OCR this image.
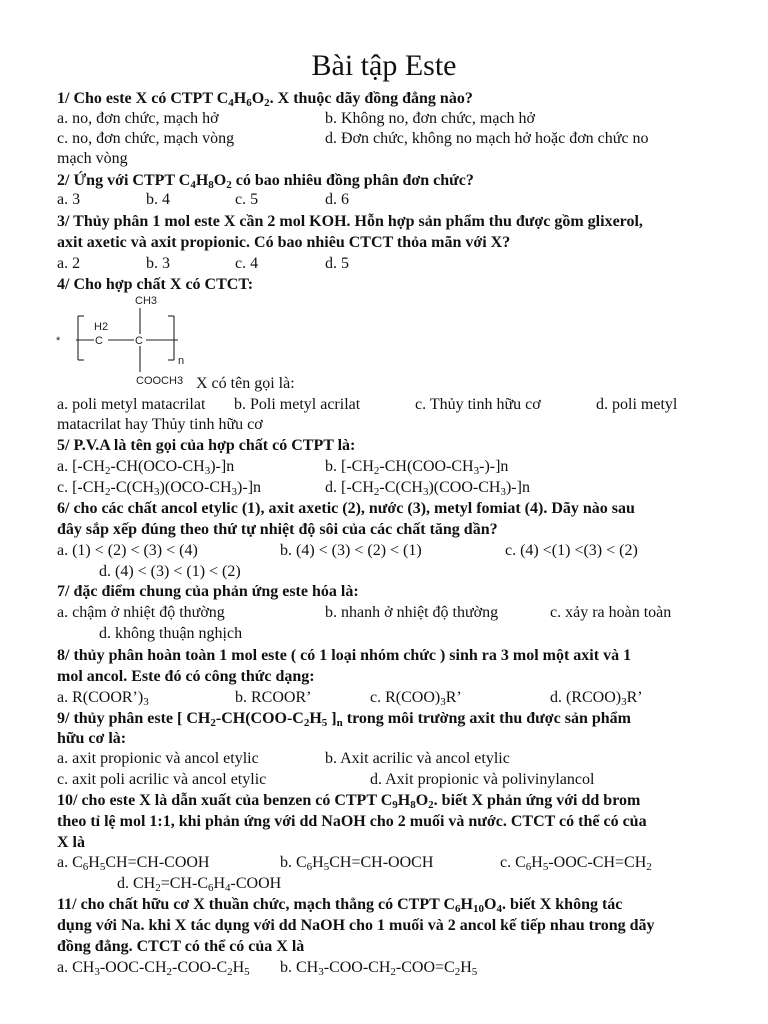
Bài tập Este
1/ Cho este X có CTPT $C_4H_6O_2$. X thuộc dãy đồng đẳng nào?
a. no, đơn chức, mạch hở	b. Không no, đơn chức, mạch hở
c. no, đơn chức, mạch vòng	d. Đơn chức, không no mạch hở hoặc đơn chức no
mạch vòng
2/ Ứng với CTPT $C_4H_8O_2$ có bao nhiêu đồng phân đơn chức?
a. 3	b. 4	c. 5	d. 6
3/ Thủy phân 1 mol este X cần 2 mol KOH. Hỗn hợp sản phẩm thu được gồm glixerol,
axit axetic và axit propionic. Có bao nhiêu CTCT thỏa mãn với X?
a. 2	b. 3	c. 4	d. 5
4/ Cho hợp chất X có CTCT:
*
H2
C	C
CH3
n
COOCH3 X có tên gọi là:
a. poli metyl matacrilat b. Poli metyl acrilat	c. Thủy tinh hữu cơ	d. poli metyl
matacrilat hay Thủy tinh hữu cơ
5/ P.V.A là tên gọi của hợp chất có CTPT là:
a. $[-CH_2-CH(OCO-CH_3)-]n$	b. $[-CH_2-CH(COO-CH_3-)-]n$
c. $[-CH_2-C(CH_3)(OCO-CH_3)-]n$	d. $[-CH_2-C(CH_3)(COO-CH_3)-]n$
6/ cho các chất ancol etylic (1), axit axetic (2), nước (3), metyl fomiat (4). Dãy nào sau
đây sắp xếp đúng theo thứ tự nhiệt độ sôi của các chất tăng dần?
a. (1) < (2) < (3) < (4)	b. (4) < (3) < (2) < (1)	c. (4) <(1) <(3) < (2)
d. (4) < (3) < (1) < (2)
7/ đặc điểm chung của phản ứng este hóa là:
a. chậm ở nhiệt độ thường	b. nhanh ở nhiệt độ thường	c. xảy ra hoàn toàn
d. không thuận nghịch
8/ thủy phân hoàn toàn 1 mol este ( có 1 loại nhóm chức ) sinh ra 3 mol một axit và 1
mol ancol. Este đó có công thức dạng:
a. $R(COOR’)_3$	b. RCOOR’	c. $R(COO)_3R$’	d. $(RCOO)_3R$’
9/ thủy phân este [ $CH_2-CH(COO-C_2H_5$ ]$_n$ trong môi trường axit thu được sản phẩm
hữu cơ là:
a. axit propionic và ancol etylic	b. Axit acrilic và ancol etylic
c. axit poli acrilic và ancol etylic	d. Axit propionic và polivinylancol
10/ cho este X là dẫn xuất của benzen có CTPT $C_9H_8O_2$. biết X phản ứng với dd brom
theo tỉ lệ mol 1:1, khi phản ứng với dd NaOH cho 2 muối và nước. CTCT có thể có của
X là
a. $C_6H_5CH=CH$-COOH	b. $C_6H_5CH=CH$-OOCH	c. $C_6H_5-OOC-CH=CH_2$
d. $CH_2=CH-C_6H_4$-COOH
11/ cho chất hữu cơ X thuần chức, mạch thẳng có CTPT $C_6H_{10}O_4$. biết X không tác
dụng với Na. khi X tác dụng với dd NaOH cho 1 muối và 2 ancol kế tiếp nhau trong dãy
đồng đẳng. CTCT có thể có của X là
a. $CH_3-OOC-CH_2-COO-C_2H_5$ b. $CH_3-COO-CH_2-COO=C_2H_5$
